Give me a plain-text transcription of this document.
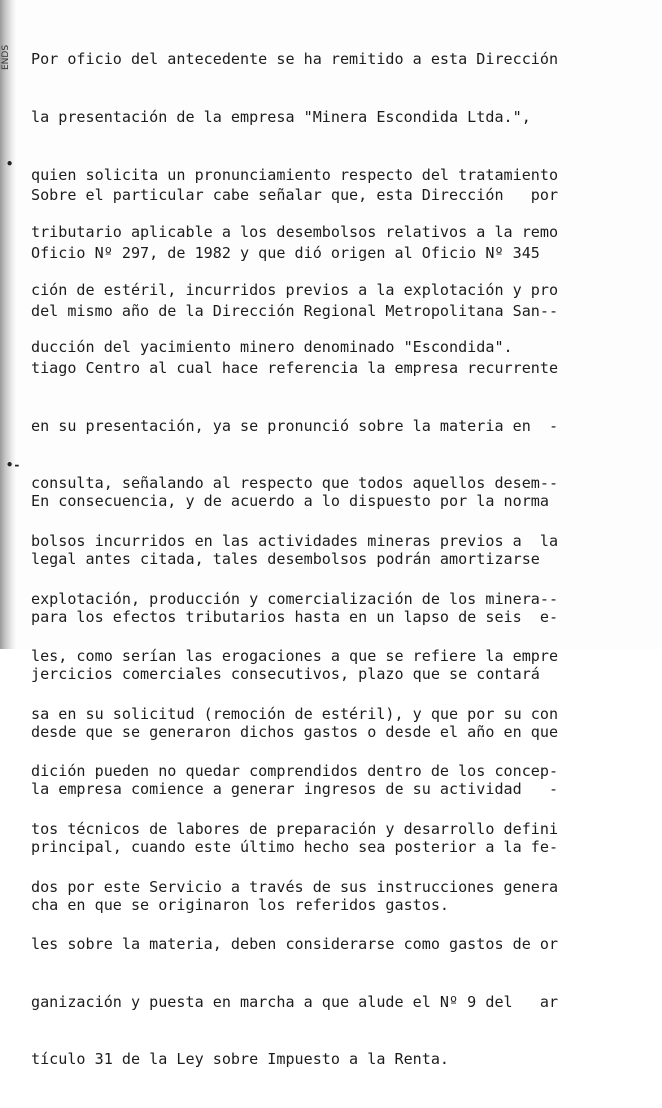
ENDS
•
•-

Por oficio del antecedente se ha remitido a esta Dirección

la presentación de la empresa "Minera Escondida Ltda.",

quien solicita un pronunciamiento respecto del tratamiento

tributario aplicable a los desembolsos relativos a la remo

ción de estéril, incurridos previos a la explotación y pro

ducción del yacimiento minero denominado "Escondida".

Sobre el particular cabe señalar que, esta Dirección   por

Oficio Nº 297, de 1982 y que dió origen al Oficio Nº 345

del mismo año de la Dirección Regional Metropolitana San--

tiago Centro al cual hace referencia la empresa recurrente

en su presentación, ya se pronunció sobre la materia en  -

consulta, señalando al respecto que todos aquellos desem--

bolsos incurridos en las actividades mineras previos a  la

explotación, producción y comercialización de los minera--

les, como serían las erogaciones a que se refiere la empre

sa en su solicitud (remoción de estéril), y que por su con

dición pueden no quedar comprendidos dentro de los concep-

tos técnicos de labores de preparación y desarrollo defini

dos por este Servicio a través de sus instrucciones genera

les sobre la materia, deben considerarse como gastos de or

ganización y puesta en marcha a que alude el Nº 9 del   ar

tículo 31 de la Ley sobre Impuesto a la Renta.

En consecuencia, y de acuerdo a lo dispuesto por la norma

legal antes citada, tales desembolsos podrán amortizarse

para los efectos tributarios hasta en un lapso de seis  e-

jercicios comerciales consecutivos, plazo que se contará

desde que se generaron dichos gastos o desde el año en que

la empresa comience a generar ingresos de su actividad   -

principal, cuando este último hecho sea posterior a la fe-

cha en que se originaron los referidos gastos.
